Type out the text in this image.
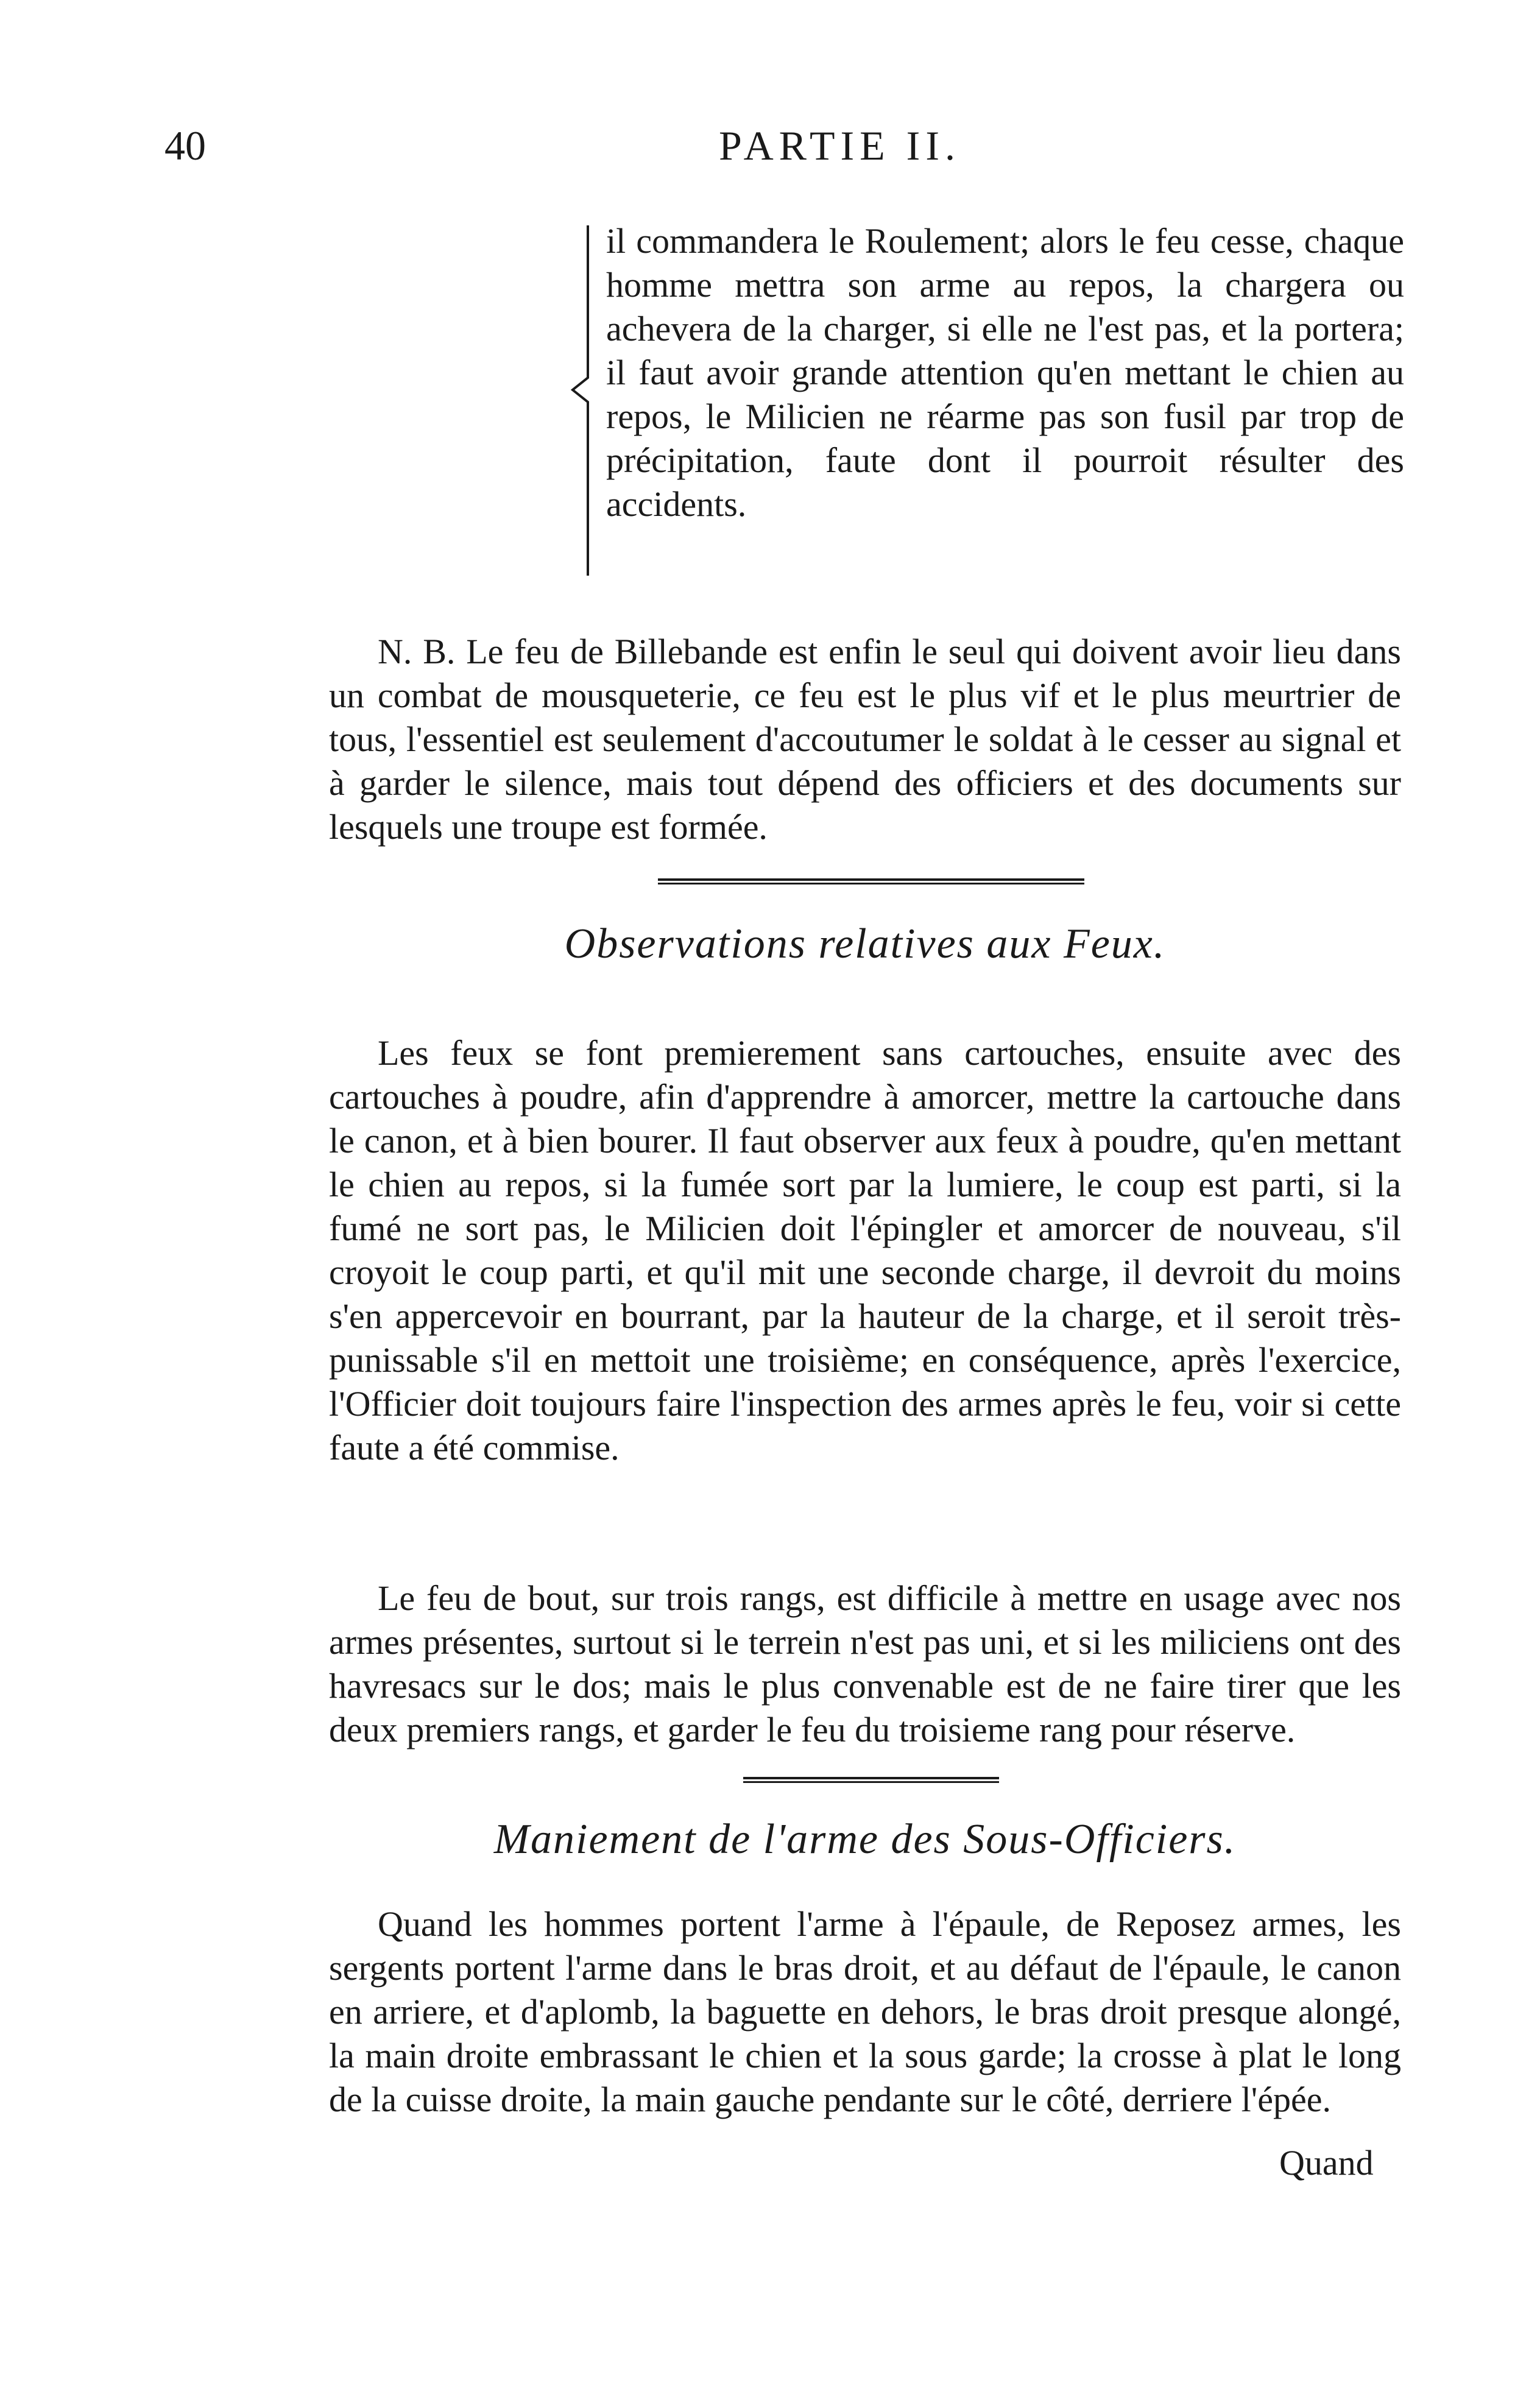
40	PARTIE II.
il commandera le Roulement; alors le feu cesse, chaque homme mettra son arme au repos, la chargera ou achevera de la charger, si elle ne l'est pas, et la portera; il faut avoir grande attention qu'en mettant le chien au repos, le Milicien ne réarme pas son fusil par trop de précipitation, faute dont il pourroit résulter des accidents.

N. B. Le feu de Billebande est enfin le seul qui doivent avoir lieu dans un combat de mousqueterie, ce feu est le plus vif et le plus meurtrier de tous, l'essentiel est seulement d'accoutumer le soldat à le cesser au signal et à garder le silence, mais tout dépend des officiers et des documents sur lesquels une troupe est formée.

Observations relatives aux Feux.

Les feux se font premierement sans cartouches, ensuite avec des cartouches à poudre, afin d'apprendre à amorcer, mettre la cartouche dans le canon, et à bien bourer. Il faut observer aux feux à poudre, qu'en mettant le chien au repos, si la fumée sort par la lumiere, le coup est parti, si la fumé ne sort pas, le Milicien doit l'épingler et amorcer de nouveau, s'il croyoit le coup parti, et qu'il mit une seconde charge, il devroit du moins s'en appercevoir en bourrant, par la hauteur de la charge, et il seroit très-punissable s'il en mettoit une troisième; en conséquence, après l'exercice, l'Officier doit toujours faire l'inspection des armes après le feu, voir si cette faute a été commise.

Le feu de bout, sur trois rangs, est difficile à mettre en usage avec nos armes présentes, surtout si le terrein n'est pas uni, et si les miliciens ont des havresacs sur le dos; mais le plus convenable est de ne faire tirer que les deux premiers rangs, et garder le feu du troisieme rang pour réserve.

Maniement de l'arme des Sous-Officiers.

Quand les hommes portent l'arme à l'épaule, de Reposez armes, les sergents portent l'arme dans le bras droit, et au défaut de l'épaule, le canon en arriere, et d'aplomb, la baguette en dehors, le bras droit presque alongé, la main droite embrassant le chien et la sous garde; la crosse à plat le long de la cuisse droite, la main gauche pendante sur le côté, derriere l'épée.

Quand
